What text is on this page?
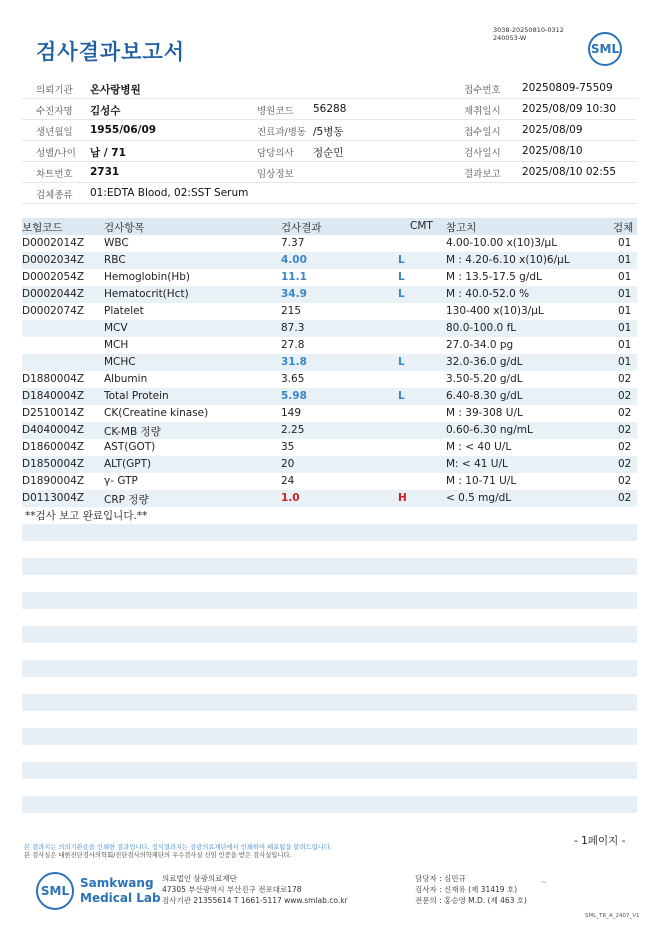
검사결과보고서
3038-20250810-0312
240053-W
SML
의뢰기관 온사랑병원	접수번호 20250809-75509
수진자명 김성수	병원코드 56288	채취일시 2025/08/09 10:30
생년월일 1955/06/09	진료과/병동 /5병동	접수일시 2025/08/09
성별/나이 남 / 71	담당의사 정순민	검사일시 2025/08/10
차트번호 2731	임상정보	결과보고 2025/08/10 02:55
검체종류 01:EDTA Blood, 02:SST Serum
보험코드	검사항목	검사결과	CMT 참고치	검체
D0002014Z WBC	7.37	4.00-10.00 x(10)3/μL	01
D0002034Z RBC	4.00	L	M : 4.20-6.10 x(10)6/μL	01
D0002054Z Hemoglobin(Hb)	11.1	L	M : 13.5-17.5 g/dL	01
D0002044Z Hematocrit(Hct)	34.9	L	M : 40.0-52.0 %	01
D0002074Z Platelet	215	130-400 x(10)3/μL	01
MCV	87.3	80.0-100.0 fL	01
MCH	27.8	27.0-34.0 pg	01
MCHC	31.8	L	32.0-36.0 g/dL	01
D1880004Z Albumin	3.65	3.50-5.20 g/dL	02
D1840004Z Total Protein	5.98	L	6.40-8.30 g/dL	02
D2510014Z CK(Creatine kinase)	149	M : 39-308 U/L	02
D4040004Z CK-MB 정량	2.25	0.60-6.30 ng/mL	02
D1860004Z AST(GOT)	35	M : < 40 U/L	02
D1850004Z ALT(GPT)	20	M: < 41 U/L	02
D1890004Z γ- GTP	24	M : 10-71 U/L	02
D0113004Z CRP 정량	1.0	H	< 0.5 mg/dL	02
**검사 보고 완료입니다.**
- 1페이지 -
본 결과지는 의뢰기관용을 인쇄한 결과입니다. 정식결과지는 삼광의료재단에서 인쇄하여 배포됨을 알려드립니다.
본 검사실은 대한진단검사의학회/진단검사의학재단의 우수검사실 신임 인증을 받은 검사실입니다.
SML
Samkwang
Medical Lab
의료법인 삼광의료재단
47305 부산광역시 부산진구 전포대로178
검사기관 21355614 T 1661-5117 www.smlab.co.kr
담당자 : 심민규
검사자 : 신재유 (제 31419 호)
전문의 : 홍승영 M.D. (제 463 호)
~
SML_TR_A_2407_V1
